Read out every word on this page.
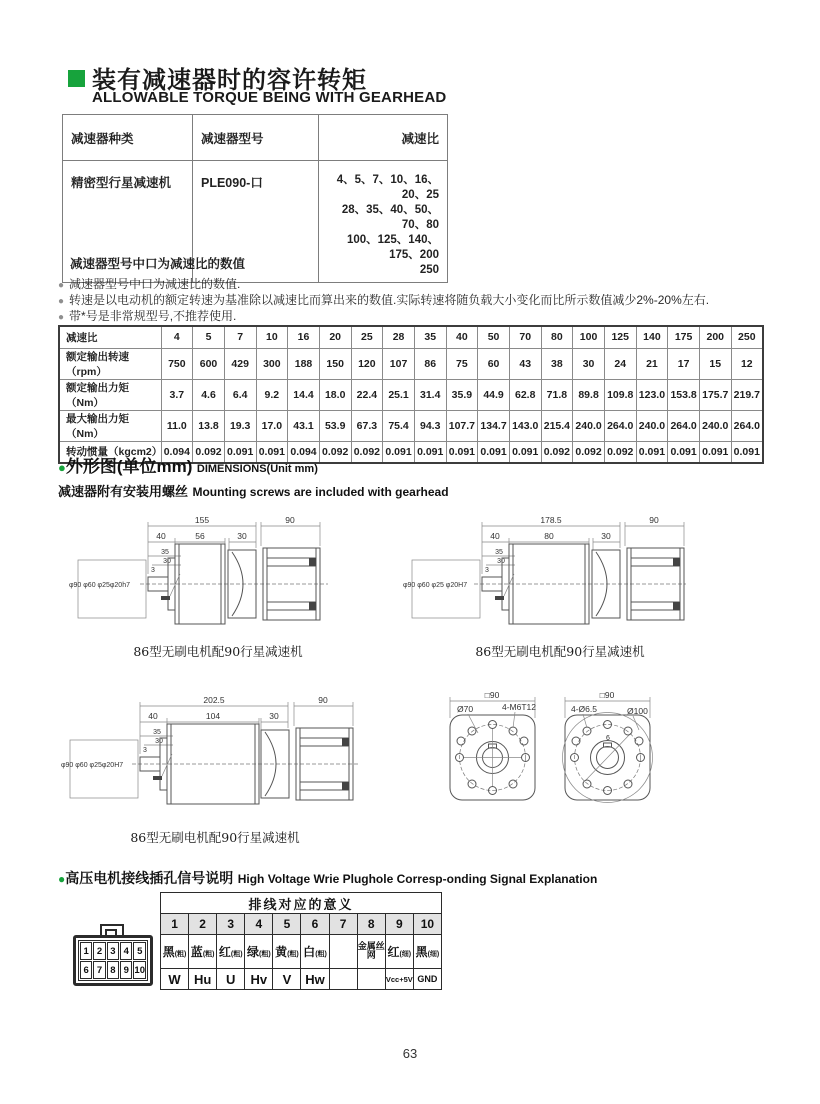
装有减速器时的容许转矩
ALLOWABLE TORQUE BEING WITH GEARHEAD
减速器种类	减速器型号	减速比
精密型行星减速机	PLE090-口	4、5、7、10、16、20、25
28、35、40、50、70、80
100、125、140、175、200
250
减速器型号中口为减速比的数值
● 减速器型号中口为减速比的数值.
● 转速是以电动机的额定转速为基准除以减速比而算出来的数值.实际转速将随负载大小变化而比所示数值减少2%-20%左右.
● 带*号是非常规型号,不推荐使用.
减速比	4	5	7	10	16	20	25	28	35	40	50	70	80	100	125	140	175	200	250
额定输出转速（rpm）	750	600	429	300	188	150	120	107	86	75	60	43	38	30	24	21	17	15	12
额定输出力矩（Nm）	3.7	4.6	6.4	9.2	14.4	18.0	22.4	25.1	31.4	35.9	44.9	62.8	71.8	89.8	109.8	123.0	153.8	175.7	219.7
最大输出力矩（Nm）	11.0	13.8	19.3	17.0	43.1	53.9	67.3	75.4	94.3	107.7	134.7	143.0	215.4	240.0	264.0	240.0	264.0	240.0	264.0
转动惯量（kgcm2）	0.094	0.092	0.091	0.091	0.094	0.092	0.092	0.091	0.091	0.091	0.091	0.091	0.092	0.092	0.092	0.091	0.091	0.091	0.091
●外形图(单位mm) DIMENSIONS(Unit mm)
减速器附有安装用螺丝 Mounting screws are included with gearhead
155	90
40	56	30
35
30
3
φ90 φ60 φ25φ20h7
86型无刷电机配90行星减速机
178.5	90
40	80	30
35
30
3
φ90 φ60 φ25 φ20H7
86型无刷电机配90行星减速机
202.5	90
40	104	30
35
30
3
φ90 φ60 φ25φ20H7
86型无刷电机配90行星减速机
□90
Ø70	4-M6T12
□90
4-Ø6.5	Ø100
6
●高压电机接线插孔信号说明 High Voltage Wrie Plughole Corresp-onding Signal Explanation
1 2 3 4 5
6 7 8 9 10
排线对应的意义									
1	2	3	4	5	6	7	8	9	10
黑(粗)	蓝(粗)	红(粗)	绿(粗)	黄(粗)	白(粗)		金属丝网	红(细)	黑(细)
W	Hu	U	Hv	V	Hw			Vcc+5V	GND
63
